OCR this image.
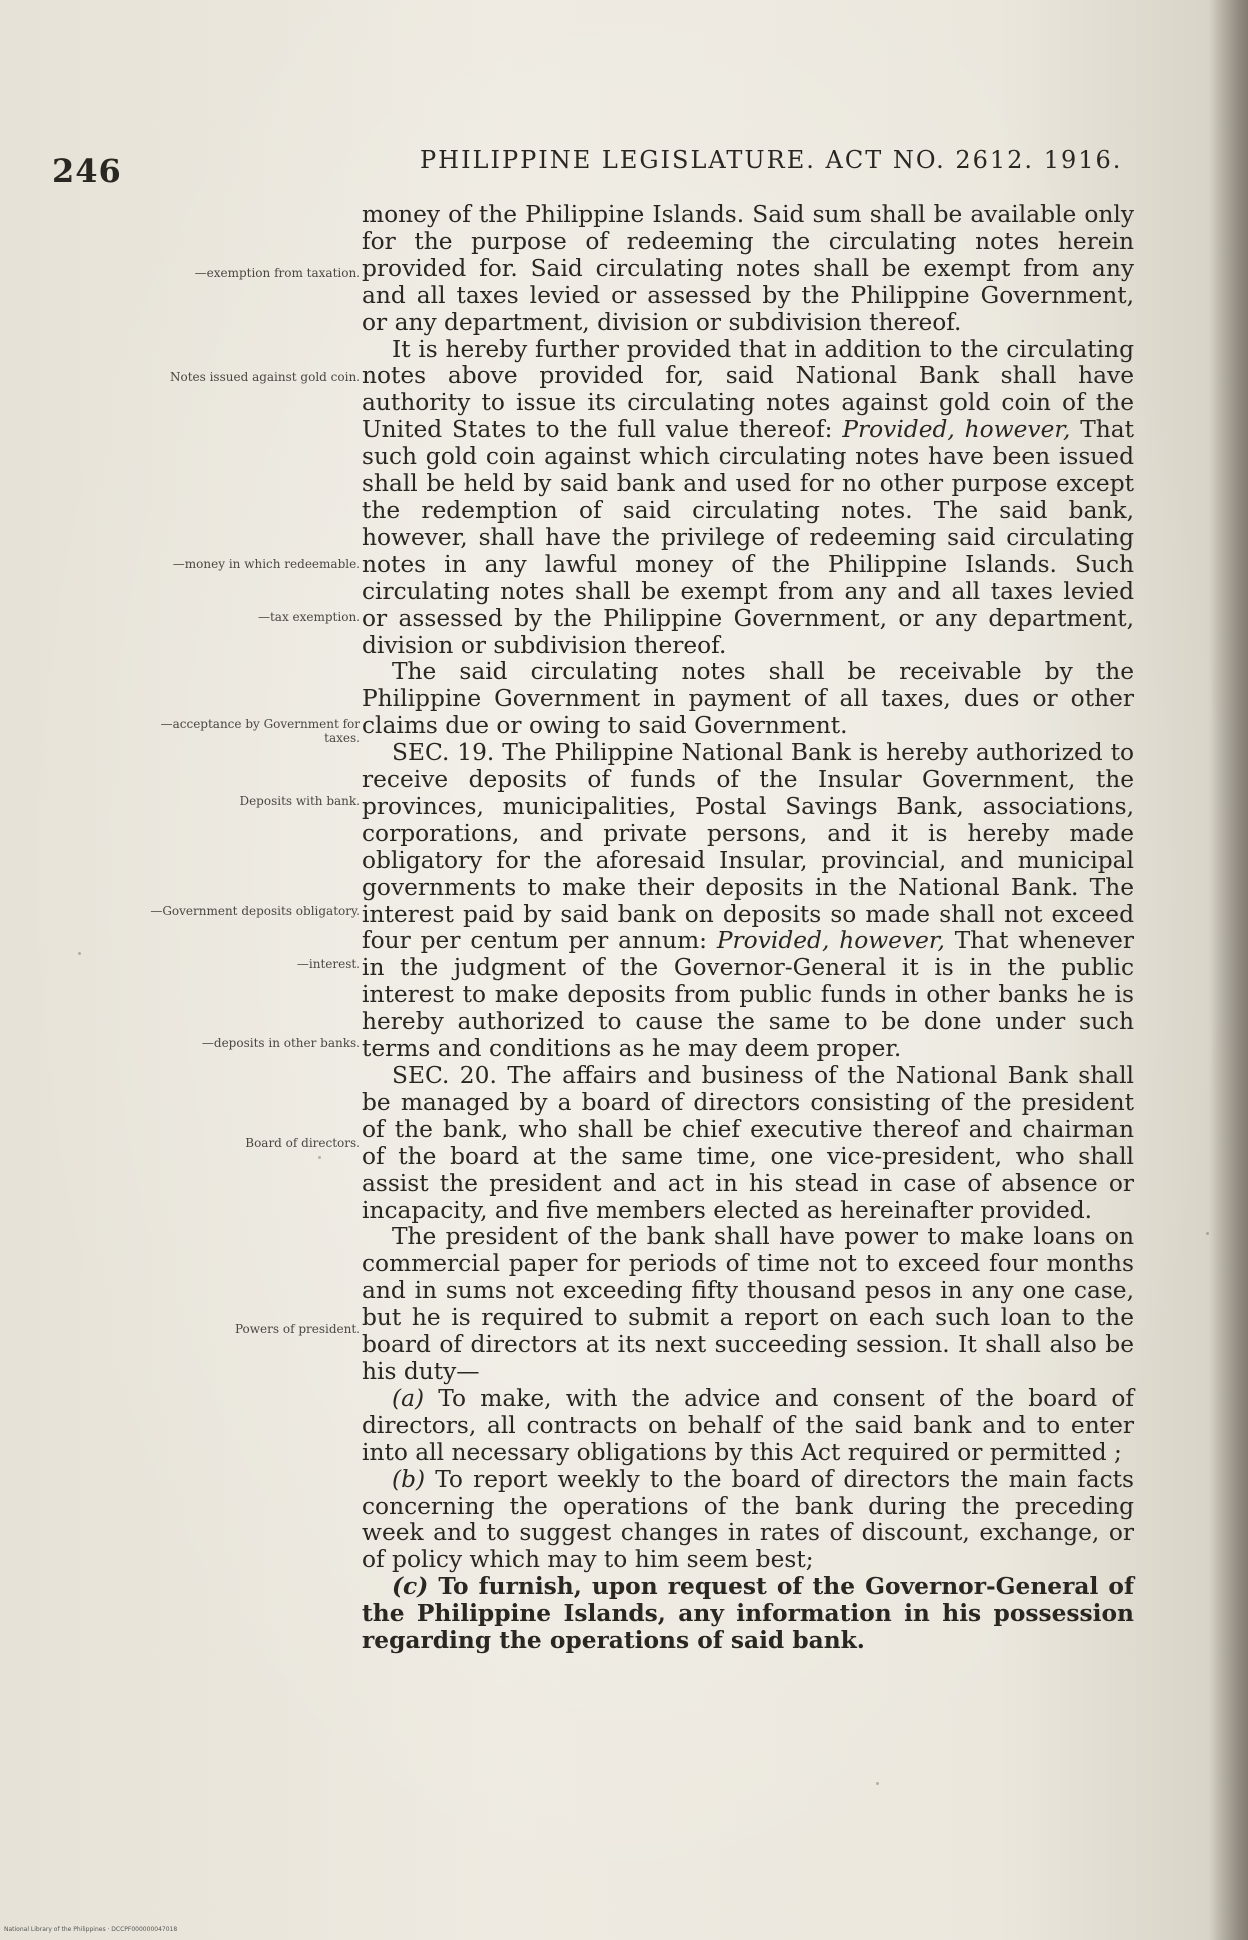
246	PHILIPPINE LEGISLATURE. ACT NO. 2612. 1916.
—exemption from taxation.
Notes issued against gold coin.
—money in which redeemable.
—tax exemption.
—acceptance by Government for taxes.
Deposits with bank.
—Government deposits obligatory.
—interest.
—deposits in other banks.
Board of directors.
Powers of president.

money of the Philippine Islands. Said sum shall be available only for the purpose of redeeming the circulating notes herein provided for. Said circulating notes shall be exempt from any and all taxes levied or assessed by the Philippine Government, or any department, division or subdivision thereof.

It is hereby further provided that in addition to the circulating notes above provided for, said National Bank shall have authority to issue its circulating notes against gold coin of the United States to the full value thereof: Provided, however, That such gold coin against which circulating notes have been issued shall be held by said bank and used for no other purpose except the redemption of said circulating notes. The said bank, however, shall have the privilege of redeeming said circulating notes in any lawful money of the Philippine Islands. Such circulating notes shall be exempt from any and all taxes levied or assessed by the Philippine Government, or any department, division or subdivision thereof.

The said circulating notes shall be receivable by the Philippine Government in payment of all taxes, dues or other claims due or owing to said Government.

SEC. 19. The Philippine National Bank is hereby authorized to receive deposits of funds of the Insular Government, the provinces, municipalities, Postal Savings Bank, associations, corporations, and private persons, and it is hereby made obligatory for the aforesaid Insular, provincial, and municipal governments to make their deposits in the National Bank. The interest paid by said bank on deposits so made shall not exceed four per centum per annum: Provided, however, That whenever in the judgment of the Governor-General it is in the public interest to make deposits from public funds in other banks he is hereby authorized to cause the same to be done under such terms and conditions as he may deem proper.

SEC. 20. The affairs and business of the National Bank shall be managed by a board of directors consisting of the president of the bank, who shall be chief executive thereof and chairman of the board at the same time, one vice-president, who shall assist the president and act in his stead in case of absence or incapacity, and five members elected as hereinafter provided.

The president of the bank shall have power to make loans on commercial paper for periods of time not to exceed four months and in sums not exceeding fifty thousand pesos in any one case, but he is required to submit a report on each such loan to the board of directors at its next succeeding session. It shall also be his duty—

(a) To make, with the advice and consent of the board of directors, all contracts on behalf of the said bank and to enter into all necessary obligations by this Act required or permitted ;

(b) To report weekly to the board of directors the main facts concerning the operations of the bank during the preceding week and to suggest changes in rates of discount, exchange, or of policy which may to him seem best;

(c) To furnish, upon request of the Governor-General of the Philippine Islands, any information in his possession regarding the operations of said bank.

National Library of the Philippines · DCCPF000000047018
